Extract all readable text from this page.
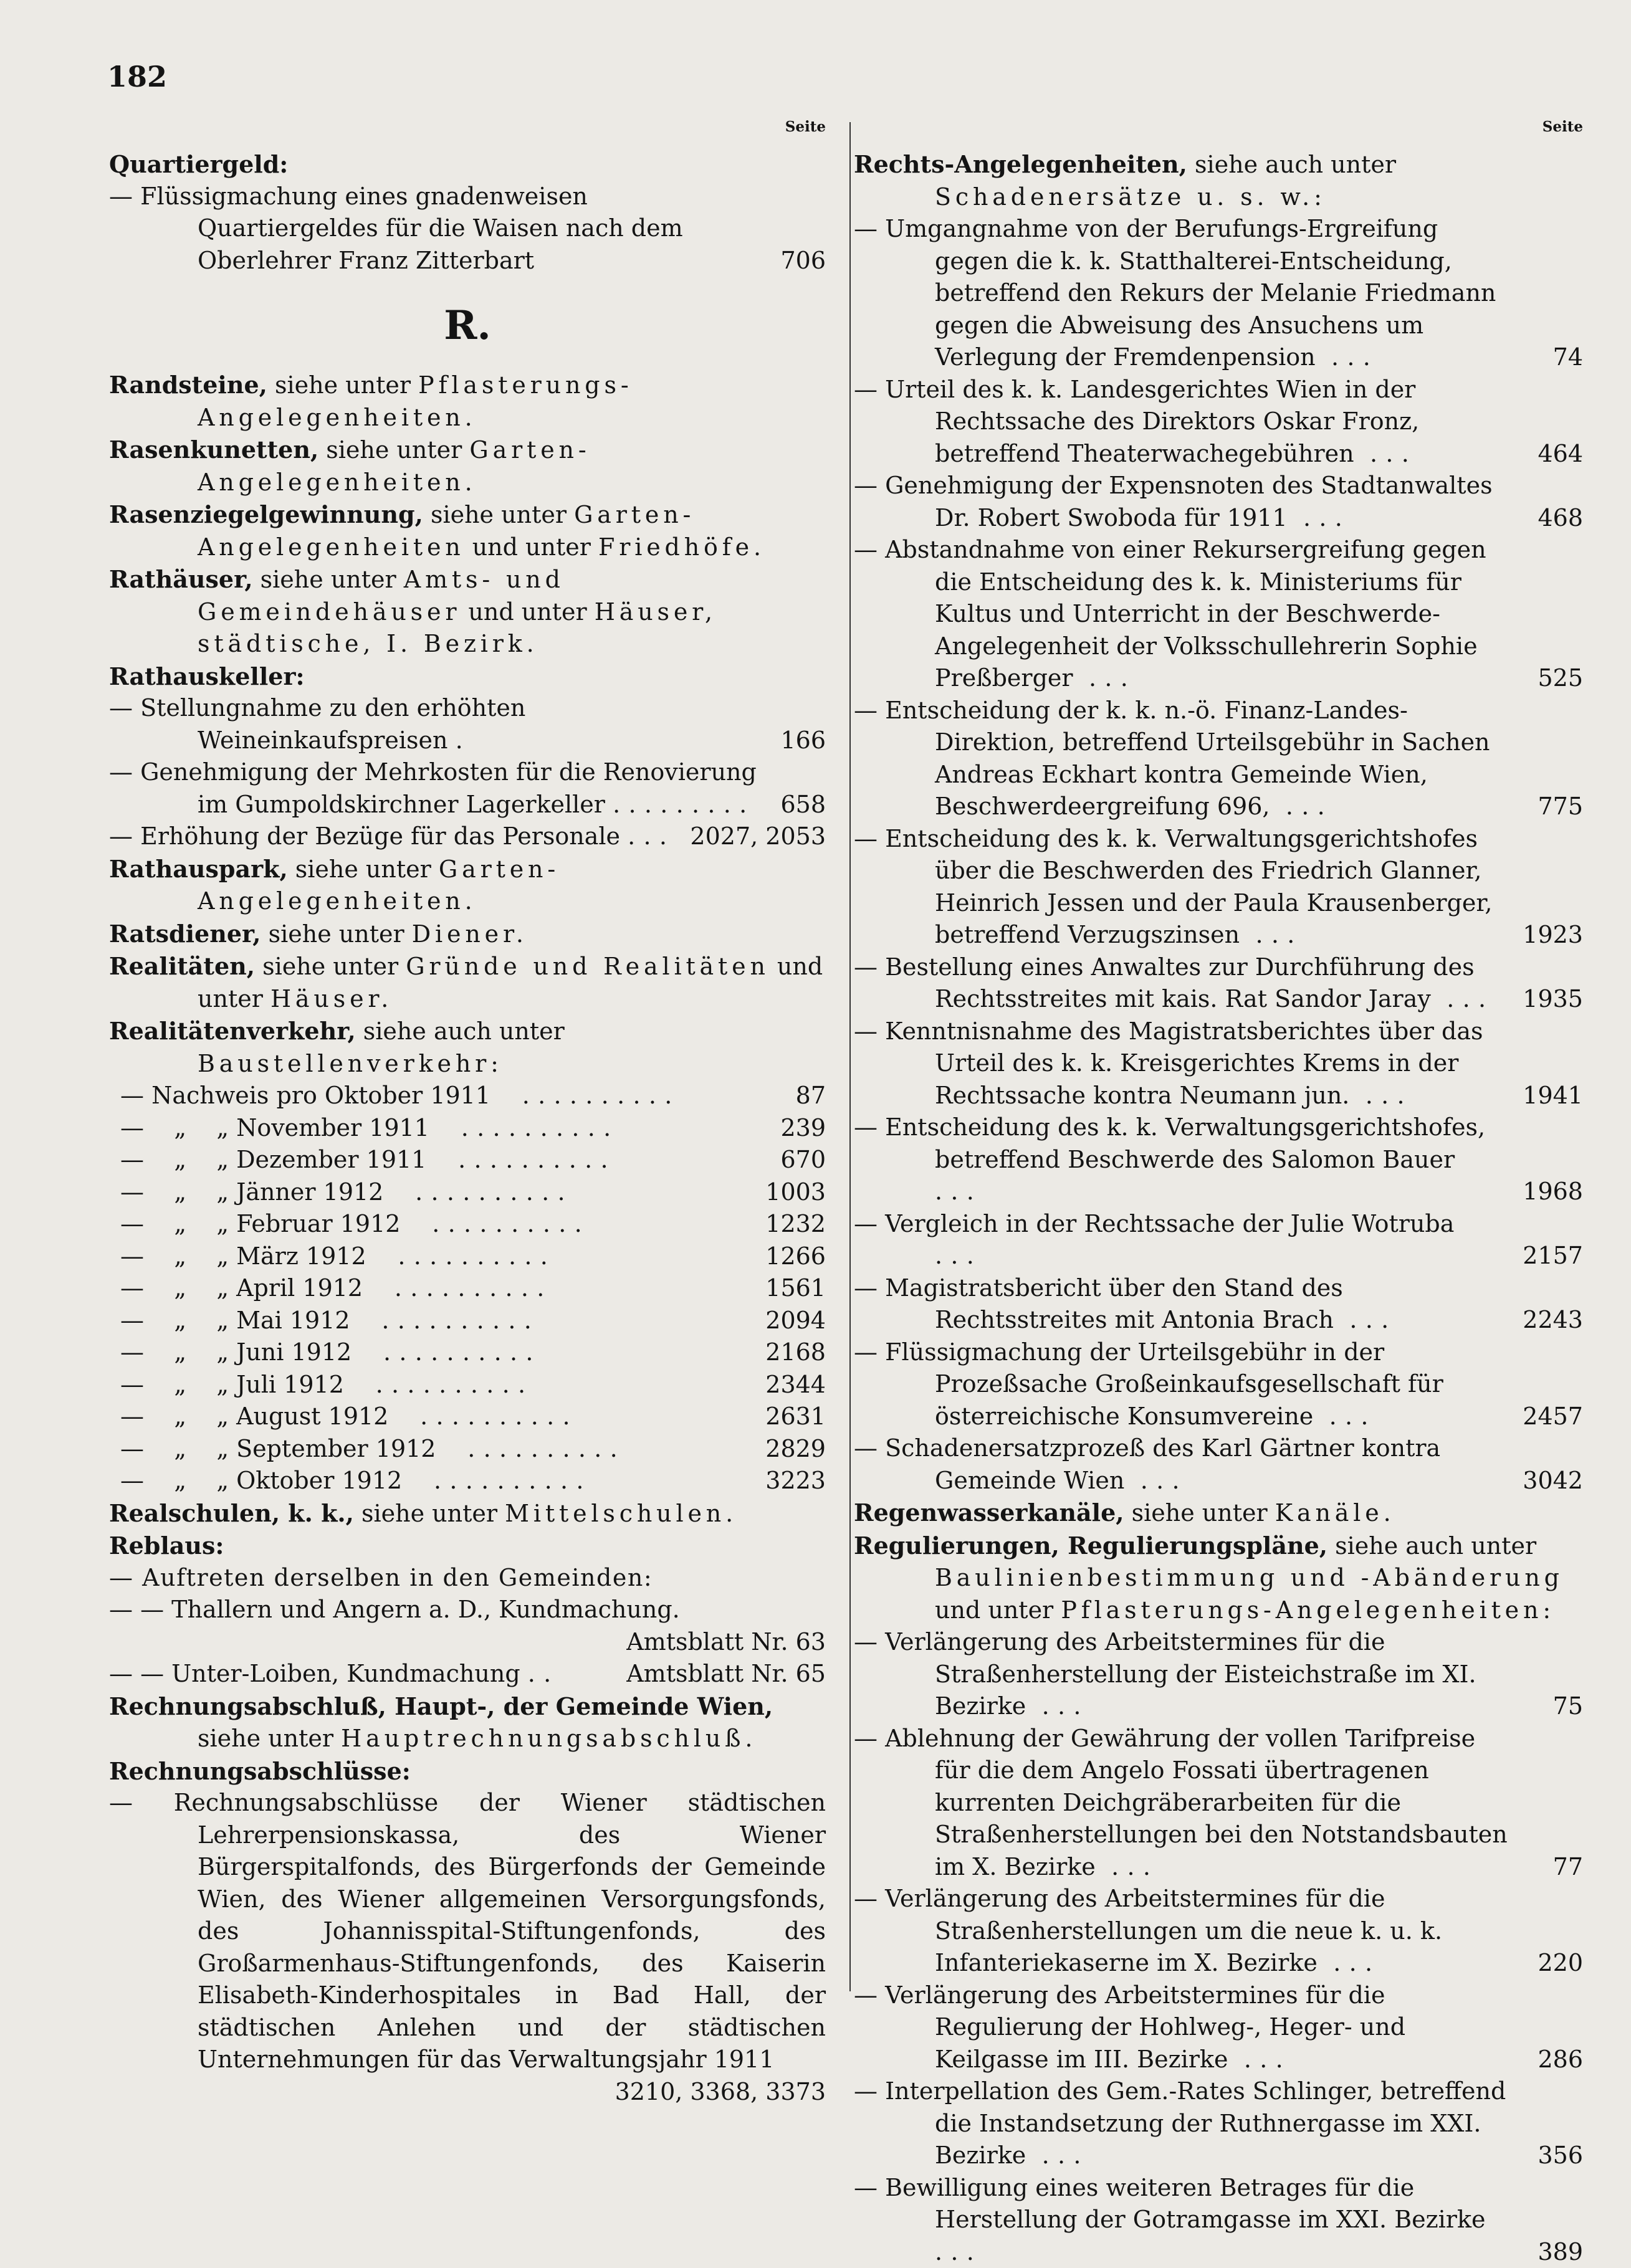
182
Seite
Quartiergeld:
— Flüssigmachung eines gnadenweisen Quartiergeldes für die Waisen nach dem Oberlehrer Franz Zitterbart	706
R.
Randsteine, siehe unter Pflasterungs-Angelegenheiten.
Rasenkunetten, siehe unter Garten-Angelegenheiten.
Rasenziegelgewinnung, siehe unter Garten-Angelegenheiten und unter Friedhöfe.
Rathäuser, siehe unter Amts- und Gemeindehäuser und unter Häuser, städtische, I. Bezirk.
Rathauskeller:
— Stellungnahme zu den erhöhten Weineinkaufspreisen .	166
— Genehmigung der Mehrkosten für die Renovierung im Gumpoldskirchner Lagerkeller ......... 658
— Erhöhung der Bezüge für das Personale ... 2027, 2053
Rathauspark, siehe unter Garten-Angelegenheiten.
Ratsdiener, siehe unter Diener.
Realitäten, siehe unter Gründe und Realitäten und unter Häuser.
Realitätenverkehr, siehe auch unter Baustellenverkehr:
— Nachweis pro Oktober 1911  ..........	87
—    „    „ November 1911  ..........	239
—    „    „ Dezember 1911  ..........	670
—    „    „ Jänner 1912  ..........	1003
—    „    „ Februar 1912  ..........	1232
—    „    „ März 1912  ..........	1266
—    „    „ April 1912  ..........	1561
—    „    „ Mai 1912  ..........	2094
—    „    „ Juni 1912  ..........	2168
—    „    „ Juli 1912  ..........	2344
—    „    „ August 1912  ..........	2631
—    „    „ September 1912  ..........	2829
—    „    „ Oktober 1912  ..........	3223
Realschulen, k. k., siehe unter Mittelschulen.
Reblaus:
— Auftreten derselben in den Gemeinden:
— — Thallern und Angern a. D., Kundmachung.
Amtsblatt Nr. 63
— — Unter-Loiben, Kundmachung ..	Amtsblatt Nr. 65
Rechnungsabschluß, Haupt-, der Gemeinde Wien, siehe unter Hauptrechnungsabschluß.
Rechnungsabschlüsse:
— Rechnungsabschlüsse der Wiener städtischen Lehrerpensionskassa, des Wiener Bürgerspitalfonds, des Bürgerfonds der Gemeinde Wien, des Wiener allgemeinen Versorgungsfonds, des Johannisspital-Stiftungenfonds, des Großarmenhaus-Stiftungenfonds, des Kaiserin Elisabeth-Kinderhospitales in Bad Hall, der städtischen Anlehen und der städtischen Unternehmungen für das Verwaltungsjahr 1911
3210, 3368, 3373
Seite
Rechts-Angelegenheiten, siehe auch unter Schadenersätze u. s. w.:
— Umgangnahme von der Berufungs-Ergreifung gegen die k. k. Statthalterei-Entscheidung, betreffend den Rekurs der Melanie Friedmann gegen die Abweisung des Ansuchens um Verlegung der Fremdenpension ...	74
— Urteil des k. k. Landesgerichtes Wien in der Rechtssache des Direktors Oskar Fronz, betreffend Theaterwachegebühren ...	464
— Genehmigung der Expensnoten des Stadtanwaltes Dr. Robert Swoboda für 1911 ...	468
— Abstandnahme von einer Rekursergreifung gegen die Entscheidung des k. k. Ministeriums für Kultus und Unterricht in der Beschwerde-Angelegenheit der Volksschullehrerin Sophie Preßberger ...	525
— Entscheidung der k. k. n.-ö. Finanz-Landes-Direktion, betreffend Urteilsgebühr in Sachen Andreas Eckhart kontra Gemeinde Wien, Beschwerdeergreifung 696, ...	775
— Entscheidung des k. k. Verwaltungsgerichtshofes über die Beschwerden des Friedrich Glanner, Heinrich Jessen und der Paula Krausenberger, betreffend Verzugszinsen ...	1923
— Bestellung eines Anwaltes zur Durchführung des Rechtsstreites mit kais. Rat Sandor Jaray ... 1935
— Kenntnisnahme des Magistratsberichtes über das Urteil des k. k. Kreisgerichtes Krems in der Rechtssache kontra Neumann jun. ...	1941
— Entscheidung des k. k. Verwaltungsgerichtshofes, betreffend Beschwerde des Salomon Bauer ...	1968
— Vergleich in der Rechtssache der Julie Wotruba ...	2157
— Magistratsbericht über den Stand des Rechtsstreites mit Antonia Brach ...	2243
— Flüssigmachung der Urteilsgebühr in der Prozeßsache Großeinkaufsgesellschaft für österreichische Konsumvereine ...	2457
— Schadenersatzprozeß des Karl Gärtner kontra Gemeinde Wien ...	3042
Regenwasserkanäle, siehe unter Kanäle.
Regulierungen, Regulierungspläne, siehe auch unter Baulinienbestimmung und -Abänderung und unter Pflasterungs-Angelegenheiten:
— Verlängerung des Arbeitstermines für die Straßenherstellung der Eisteichstraße im XI. Bezirke ...	75
— Ablehnung der Gewährung der vollen Tarifpreise für die dem Angelo Fossati übertragenen kurrenten Deichgräberarbeiten für die Straßenherstellungen bei den Notstandsbauten im X. Bezirke ...	77
— Verlängerung des Arbeitstermines für die Straßenherstellungen um die neue k. u. k. Infanteriekaserne im X. Bezirke ...	220
— Verlängerung des Arbeitstermines für die Regulierung der Hohlweg-, Heger- und Keilgasse im III. Bezirke ...	286
— Interpellation des Gem.-Rates Schlinger, betreffend die Instandsetzung der Ruthnergasse im XXI. Bezirke ...	356
— Bewilligung eines weiteren Betrages für die Herstellung der Gotramgasse im XXI. Bezirke ...	389
